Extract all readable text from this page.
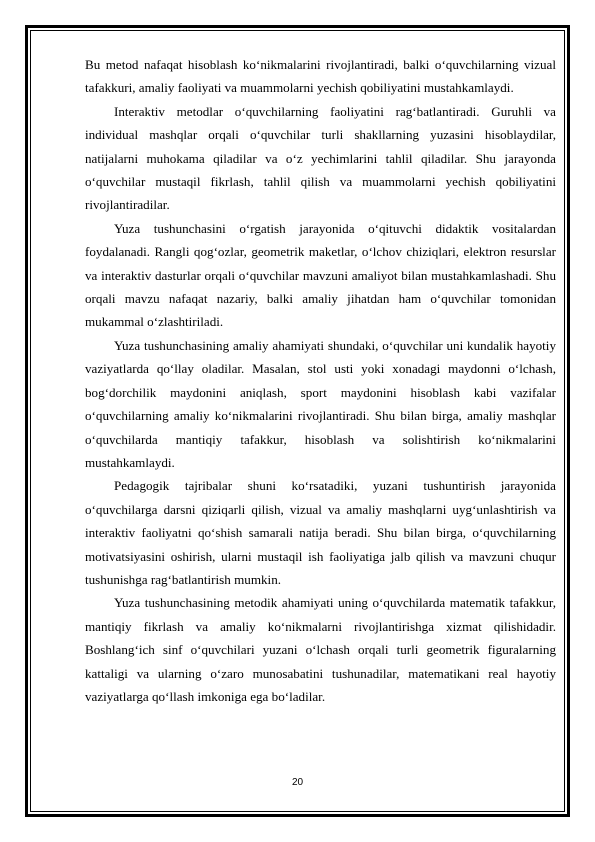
Bu metod nafaqat hisoblash ko‘nikmalarini rivojlantiradi, balki o‘quvchilarning vizual tafakkuri, amaliy faoliyati va muammolarni yechish qobiliyatini mustahkamlaydi.

Interaktiv metodlar o‘quvchilarning faoliyatini rag‘batlantiradi. Guruhli va individual mashqlar orqali o‘quvchilar turli shakllarning yuzasini hisoblaydilar, natijalarni muhokama qiladilar va o‘z yechimlarini tahlil qiladilar. Shu jarayonda o‘quvchilar mustaqil fikrlash, tahlil qilish va muammolarni yechish qobiliyatini rivojlantiradilar.

Yuza tushunchasini o‘rgatish jarayonida o‘qituvchi didaktik vositalardan foydalanadi. Rangli qog‘ozlar, geometrik maketlar, o‘lchov chiziqlari, elektron resurslar va interaktiv dasturlar orqali o‘quvchilar mavzuni amaliyot bilan mustahkamlashadi. Shu orqali mavzu nafaqat nazariy, balki amaliy jihatdan ham o‘quvchilar tomonidan mukammal o‘zlashtiriladi.

Yuza tushunchasining amaliy ahamiyati shundaki, o‘quvchilar uni kundalik hayotiy vaziyatlarda qo‘llay oladilar. Masalan, stol usti yoki xonadagi maydonni o‘lchash, bog‘dorchilik maydonini aniqlash, sport maydonini hisoblash kabi vazifalar o‘quvchilarning amaliy ko‘nikmalarini rivojlantiradi. Shu bilan birga, amaliy mashqlar o‘quvchilarda mantiqiy tafakkur, hisoblash va solishtirish ko‘nikmalarini mustahkamlaydi.

Pedagogik tajribalar shuni ko‘rsatadiki, yuzani tushuntirish jarayonida o‘quvchilarga darsni qiziqarli qilish, vizual va amaliy mashqlarni uyg‘unlashtirish va interaktiv faoliyatni qo‘shish samarali natija beradi. Shu bilan birga, o‘quvchilarning motivatsiyasini oshirish, ularni mustaqil ish faoliyatiga jalb qilish va mavzuni chuqur tushunishga rag‘batlantirish mumkin.

Yuza tushunchasining metodik ahamiyati uning o‘quvchilarda matematik tafakkur, mantiqiy fikrlash va amaliy ko‘nikmalarni rivojlantirishga xizmat qilishidadir. Boshlang‘ich sinf o‘quvchilari yuzani o‘lchash orqali turli geometrik figuralarning kattaligi va ularning o‘zaro munosabatini tushunadilar, matematikani real hayotiy vaziyatlarga qo‘llash imkoniga ega bo‘ladilar.

20
